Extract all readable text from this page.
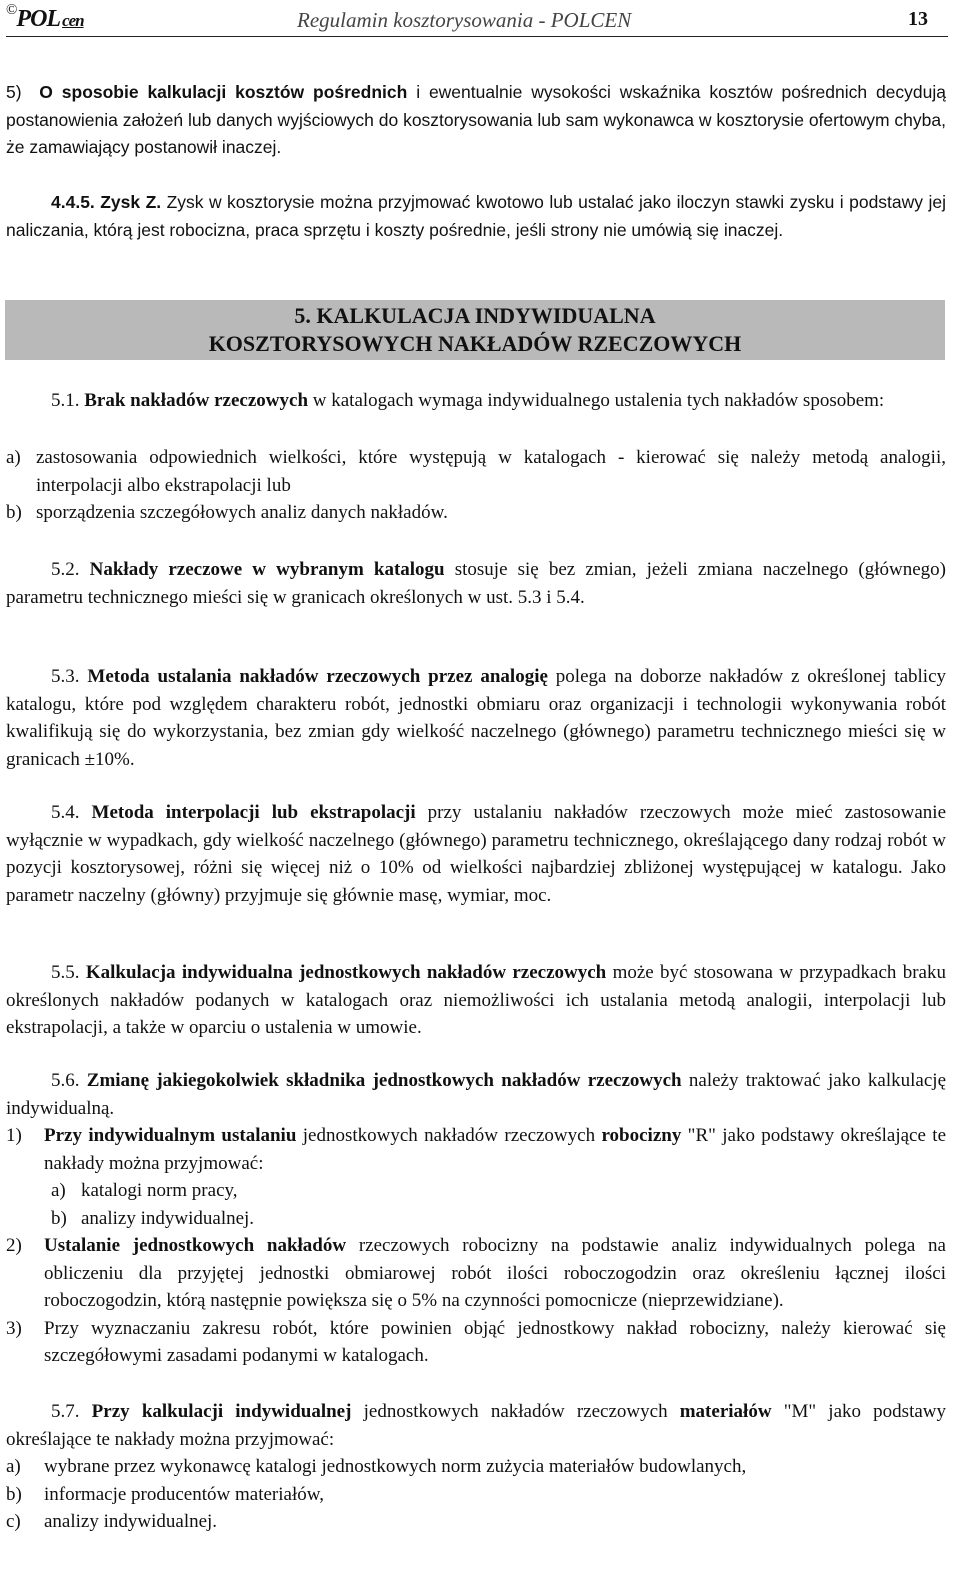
©POL cen	Regulamin kosztorysowania - POLCEN	13
5) O sposobie kalkulacji kosztów pośrednich i ewentualnie wysokości wskaźnika kosztów pośrednich decydują postanowienia założeń lub danych wyjściowych do kosztorysowania lub sam wykonawca w kosztorysie ofertowym chyba, że zamawiający postanowił inaczej.
4.4.5. Zysk Z. Zysk w kosztorysie można przyjmować kwotowo lub ustalać jako iloczyn stawki zysku i podstawy jej naliczania, którą jest robocizna, praca sprzętu i koszty pośrednie, jeśli strony nie umówią się inaczej.
5. KALKULACJA INDYWIDUALNA
KOSZTORYSOWYCH NAKŁADÓW RZECZOWYCH
5.1. Brak nakładów rzeczowych w katalogach wymaga indywidualnego ustalenia tych nakładów sposobem:
a) zastosowania odpowiednich wielkości, które występują w katalogach - kierować się należy metodą analogii, interpolacji albo ekstrapolacji lub
b) sporządzenia szczegółowych analiz danych nakładów.
5.2. Nakłady rzeczowe w wybranym katalogu stosuje się bez zmian, jeżeli zmiana naczelnego (głównego) parametru technicznego mieści się w granicach określonych w ust. 5.3 i 5.4.
5.3. Metoda ustalania nakładów rzeczowych przez analogię polega na doborze nakładów z określonej tablicy katalogu, które pod względem charakteru robót, jednostki obmiaru oraz organizacji i technologii wykonywania robót kwalifikują się do wykorzystania, bez zmian gdy wielkość naczelnego (głównego) parametru technicznego mieści się w granicach ±10%.
5.4. Metoda interpolacji lub ekstrapolacji przy ustalaniu nakładów rzeczowych może mieć zastosowanie wyłącznie w wypadkach, gdy wielkość naczelnego (głównego) parametru technicznego, określającego dany rodzaj robót w pozycji kosztorysowej, różni się więcej niż o 10% od wielkości najbardziej zbliżonej występującej w katalogu. Jako parametr naczelny (główny) przyjmuje się głównie masę, wymiar, moc.
5.5. Kalkulacja indywidualna jednostkowych nakładów rzeczowych może być stosowana w przypadkach braku określonych nakładów podanych w katalogach oraz niemożliwości ich ustalania metodą analogii, interpolacji lub ekstrapolacji, a także w oparciu o ustalenia w umowie.
5.6. Zmianę jakiegokolwiek składnika jednostkowych nakładów rzeczowych należy traktować jako kalkulację indywidualną.
1)	Przy indywidualnym ustalaniu jednostkowych nakładów rzeczowych robocizny "R" jako podstawy określające te nakłady można przyjmować:
a) katalogi norm pracy,
b) analizy indywidualnej.
2)	Ustalanie jednostkowych nakładów rzeczowych robocizny na podstawie analiz indywidualnych polega na obliczeniu dla przyjętej jednostki obmiarowej robót ilości roboczogodzin oraz określeniu łącznej ilości roboczogodzin, którą następnie powiększa się o 5% na czynności pomocnicze (nieprzewidziane).
3)	Przy wyznaczaniu zakresu robót, które powinien objąć jednostkowy nakład robocizny, należy kierować się szczegółowymi zasadami podanymi w katalogach.
5.7. Przy kalkulacji indywidualnej jednostkowych nakładów rzeczowych materiałów "M" jako podstawy określające te nakłady można przyjmować:
a)	wybrane przez wykonawcę katalogi jednostkowych norm zużycia materiałów budowlanych,
b)	informacje producentów materiałów,
c)	analizy indywidualnej.
